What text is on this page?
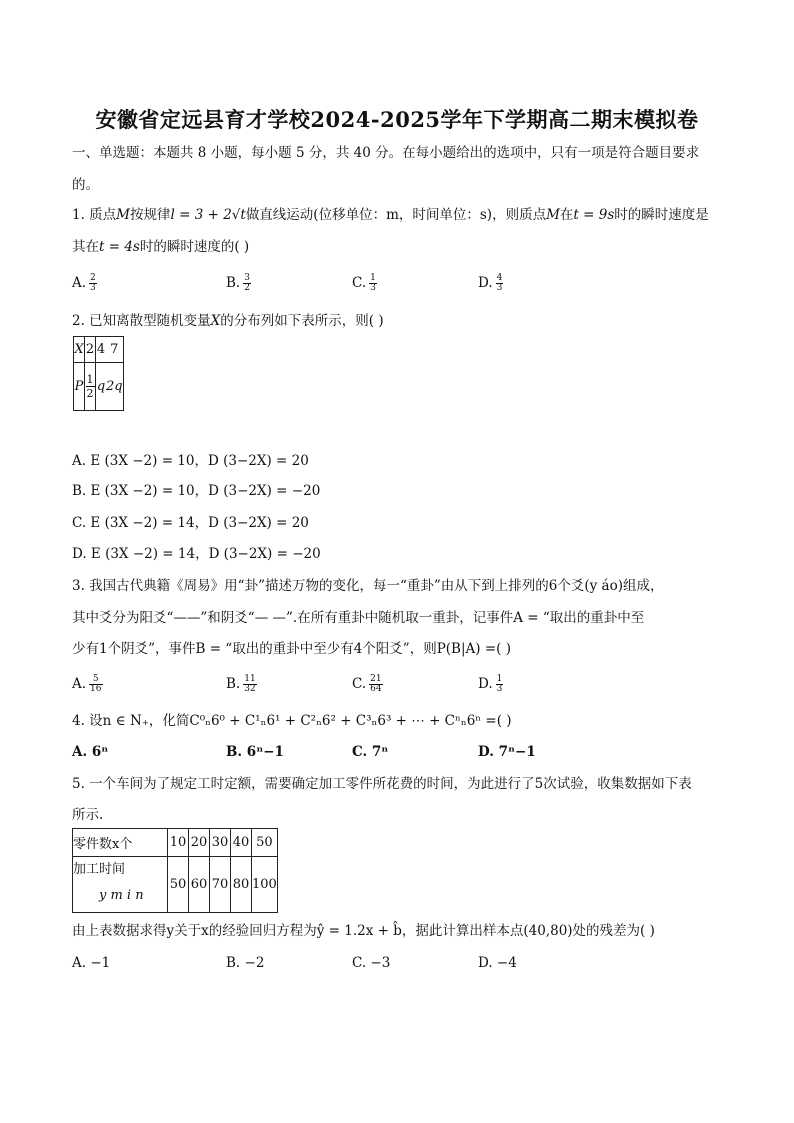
安徽省定远县育才学校2024-2025学年下学期高二期末模拟卷
一、单选题：本题共 8 小题，每小题 5 分，共 40 分。在每小题给出的选项中，只有一项是符合题目要求
的。
1. 质点M按规律l = 3 + 2√t做直线运动(位移单位：m，时间单位：s)，则质点M在t = 9s时的瞬时速度是
其在t = 4s时的瞬时速度的( )
A. $\frac{2}{3}$	B. $\frac{3}{2}$	C. $\frac{1}{3}$	D. $\frac{4}{3}$
2. 已知离散型随机变量X的分布列如下表所示，则( )
X	2	4	7
P	$\frac{1}{2}$	q	2q
A. E (3X −2) = 10，D (3−2X) = 20
B. E (3X −2) = 10，D (3−2X) = −20
C. E (3X −2) = 14，D (3−2X) = 20
D. E (3X −2) = 14，D (3−2X) = −20
3. 我国古代典籍《周易》用“卦”描述万物的变化，每一“重卦”由从下到上排列的6个爻(y áo)组成，
其中爻分为阳爻“——”和阴爻“— —”.在所有重卦中随机取一重卦，记事件A = “取出的重卦中至
少有1个阴爻”，事件B = “取出的重卦中至少有4个阳爻”，则P(B|A) =( )
A. $\frac{5}{16}$	B. $\frac{11}{32}$	C. $\frac{21}{64}$	D. $\frac{1}{3}$
4. 设n ∈ N₊，化简C⁰ₙ6⁰ + C¹ₙ6¹ + C²ₙ6² + C³ₙ6³ + ⋯ + Cⁿₙ6ⁿ =( )
A. 6ⁿ	B. 6ⁿ−1	C. 7ⁿ	D. 7ⁿ−1
5. 一个车间为了规定工时定额，需要确定加工零件所花费的时间，为此进行了5次试验，收集数据如下表
所示.
零件数x个	10	20	30	40	50

加工时间
y m i n	50	60	70	80	100
由上表数据求得y关于x的经验回归方程为ŷ = 1.2x + b̂，据此计算出样本点(40,80)处的残差为( )
A. −1	B. −2	C. −3	D. −4
